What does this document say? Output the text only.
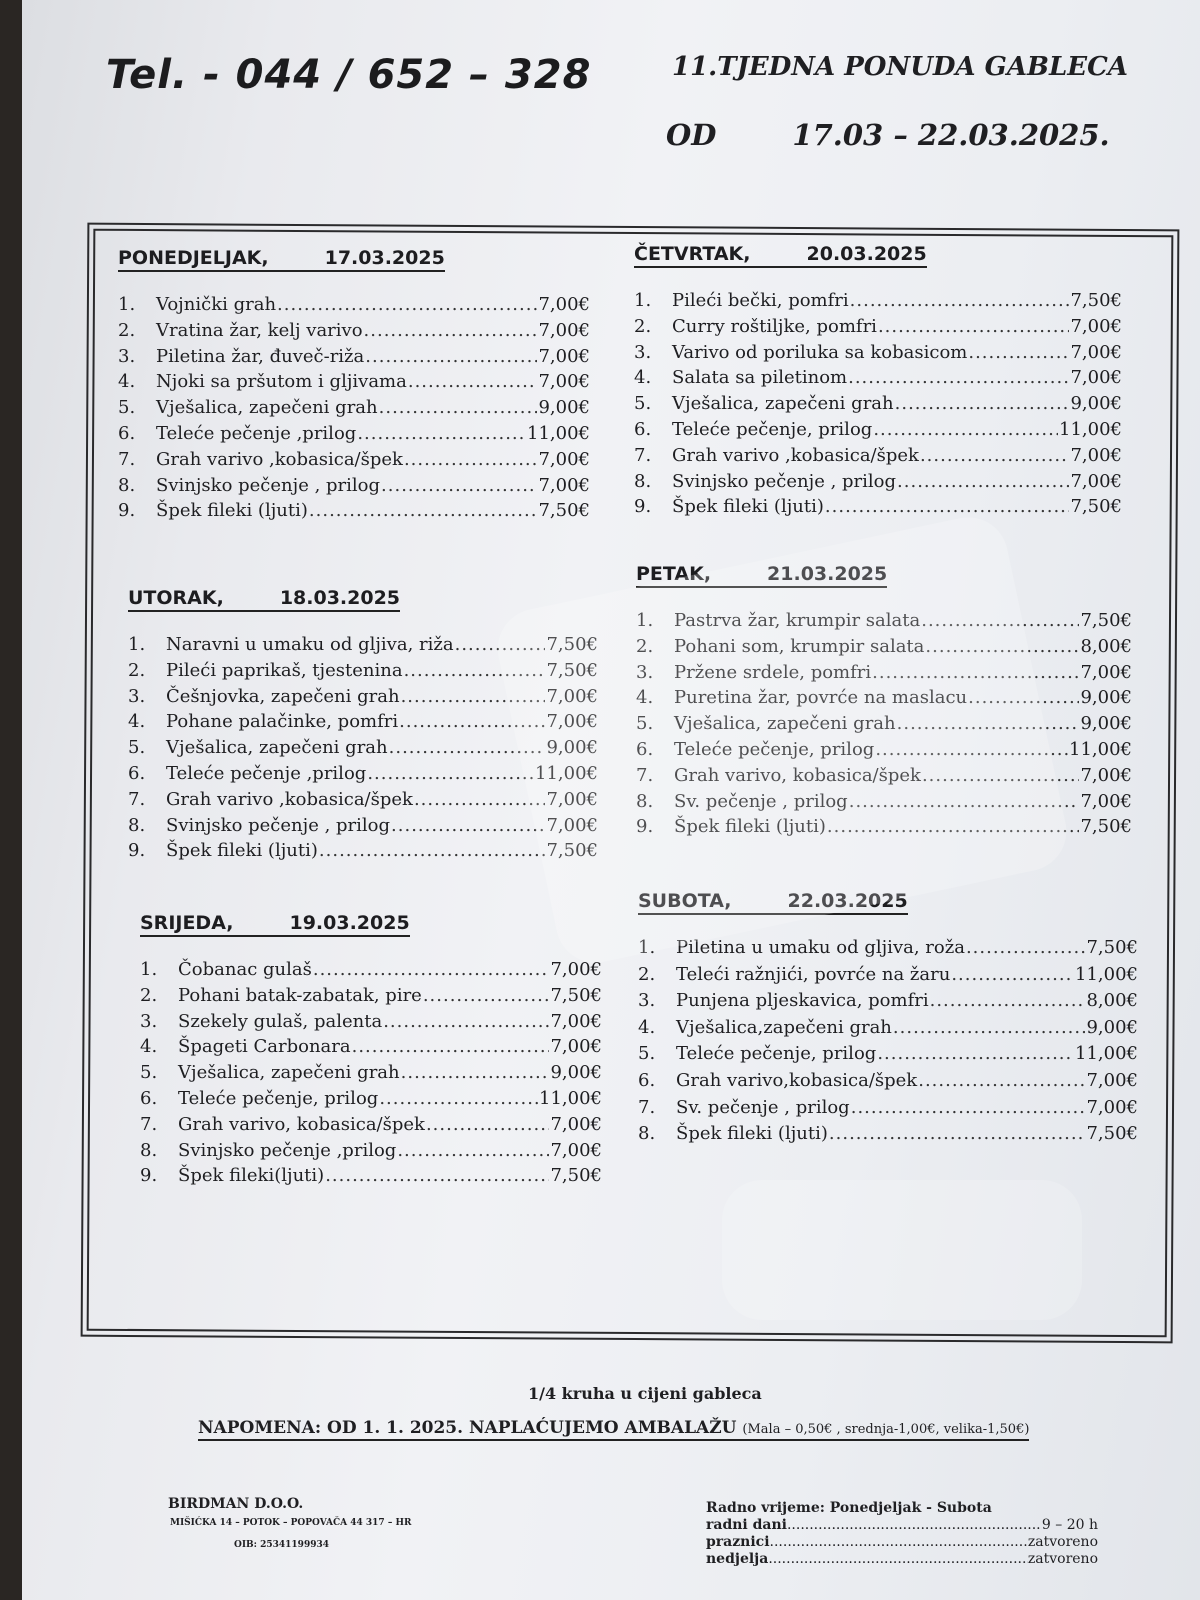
Tel. - 044 / 652 – 328	11.TJEDNA PONUDA GABLECA
OD	17.03 – 22.03.2025.
PONEDJELJAK,	17.03.2025
1.	Vojnički grah .....	7,00€
2.	Vratina žar, kelj varivo .....	7,00€
3.	Piletina žar, đuveč-riža .....	7,00€
4.	Njoki sa pršutom i gljivama .....	7,00€
5.	Vješalica, zapečeni grah .....	9,00€
6.	Teleće pečenje ,prilog .....	11,00€
7.	Grah varivo ,kobasica/špek .....	7,00€
8.	Svinjsko pečenje , prilog .....	7,00€
9.	Špek fileki (ljuti) .....	7,50€
UTORAK,	18.03.2025
1.	Naravni u umaku od gljiva, riža .....	7,50€
2.	Pileći paprikaš, tjestenina .....	7,50€
3.	Češnjovka, zapečeni grah .....	7,00€
4.	Pohane palačinke, pomfri .....	7,00€
5.	Vješalica, zapečeni grah .....	9,00€
6.	Teleće pečenje ,prilog .....	11,00€
7.	Grah varivo ,kobasica/špek .....	7,00€
8.	Svinjsko pečenje , prilog .....	7,00€
9.	Špek fileki (ljuti) .....	7,50€
SRIJEDA,	19.03.2025
1.	Čobanac gulaš .....	7,00€
2.	Pohani batak-zabatak, pire .....	7,50€
3.	Szekely gulaš, palenta .....	7,00€
4.	Špageti Carbonara .....	7,00€
5.	Vješalica, zapečeni grah .....	9,00€
6.	Teleće pečenje, prilog .....	11,00€
7.	Grah varivo, kobasica/špek .....	7,00€
8.	Svinjsko pečenje ,prilog .....	7,00€
9.	Špek fileki(ljuti) .....	7,50€
ČETVRTAK,	20.03.2025
1.	Pileći bečki, pomfri .....	7,50€
2.	Curry roštiljke, pomfri .....	7,00€
3.	Varivo od poriluka sa kobasicom .....	7,00€
4.	Salata sa piletinom .....	7,00€
5.	Vješalica, zapečeni grah .....	9,00€
6.	Teleće pečenje, prilog .....	11,00€
7.	Grah varivo ,kobasica/špek .....	7,00€
8.	Svinjsko pečenje , prilog .....	7,00€
9.	Špek fileki (ljuti) .....	7,50€
PETAK,	21.03.2025
1.	Pastrva žar, krumpir salata .....	7,50€
2.	Pohani som, krumpir salata .....	8,00€
3.	Pržene srdele, pomfri .....	7,00€
4.	Puretina žar, povrće na maslacu .....	9,00€
5.	Vješalica, zapečeni grah .....	9,00€
6.	Teleće pečenje, prilog .....	11,00€
7.	Grah varivo, kobasica/špek .....	7,00€
8.	Sv. pečenje , prilog .....	7,00€
9.	Špek fileki (ljuti) .....	7,50€
SUBOTA,	22.03.2025
1.	Piletina u umaku od gljiva, roža .....	7,50€
2.	Teleći ražnjići, povrće na žaru .....	11,00€
3.	Punjena pljeskavica, pomfri .....	8,00€
4.	Vješalica,zapečeni grah .....	9,00€
5.	Teleće pečenje, prilog .....	11,00€
6.	Grah varivo,kobasica/špek .....	7,00€
7.	Sv. pečenje , prilog .....	7,00€
8.	Špek fileki (ljuti) .....	7,50€
1/4 kruha u cijeni gableca
NAPOMENA: OD 1. 1. 2025. NAPLAĆUJEMO AMBALAŽU (Mala – 0,50€ , srednja-1,00€, velika-1,50€)
BIRDMAN D.O.O.
MIŠIĆKA 14 – POTOK – POPOVAČA 44 317 – HR
OIB: 25341199934
Radno vrijeme: Ponedjeljak - Subota
radni dani .....	9 – 20 h
praznici .....	zatvoreno
nedjelja .....	zatvoreno
